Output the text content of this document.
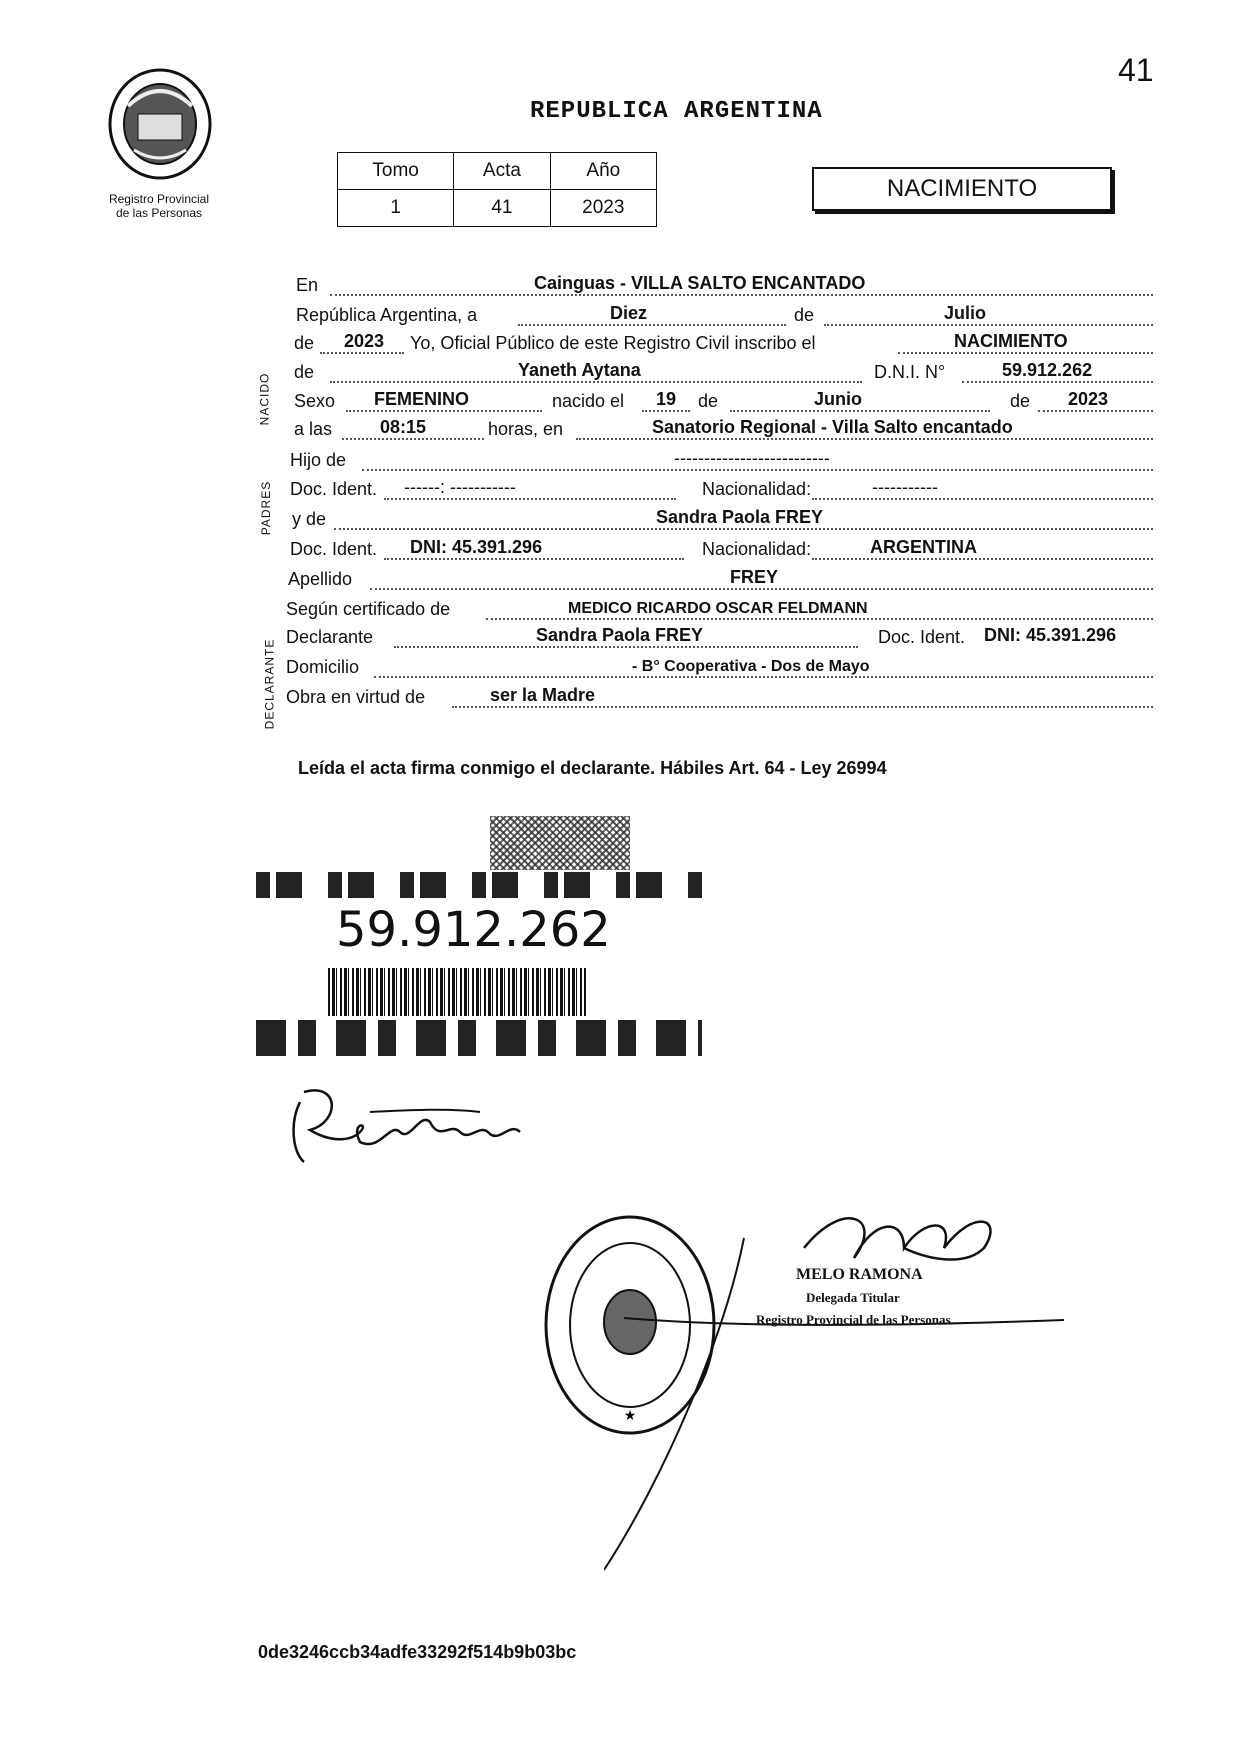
41
Registro Provincial
de las Personas
REPUBLICA ARGENTINA
Tomo	Acta	Año
1	41	2023
NACIMIENTO
NACIDO
PADRES
DECLARANTE
En	Cainguas - VILLA SALTO ENCANTADO
República Argentina, a	Diez	de	Julio
de 2023 Yo, Oficial Público de este Registro Civil inscribo el	NACIMIENTO
de	Yaneth Aytana	D.N.I. N°	59.912.262
Sexo FEMENINO	nacido el 19 de	Junio	de 2023
a las	08:15	horas, en	Sanatorio Regional - Villa Salto encantado
Hijo de	--------------------------
Doc. Ident. ------: -----------	Nacionalidad:	-----------
y de	Sandra Paola FREY
Doc. Ident. DNI: 45.391.296	Nacionalidad:	ARGENTINA
Apellido	FREY
Según certificado de	MEDICO RICARDO OSCAR FELDMANN
Declarante	Sandra Paola FREY	Doc. Ident. DNI: 45.391.296
Domicilio	- B° Cooperativa - Dos de Mayo
Obra en virtud de	ser la Madre
Leída el acta firma conmigo el declarante. Hábiles Art. 64 - Ley 26994
59.912.262
★
MELO RAMONA
Delegada Titular
Registro Provincial de las Personas
0de3246ccb34adfe33292f514b9b03bc
